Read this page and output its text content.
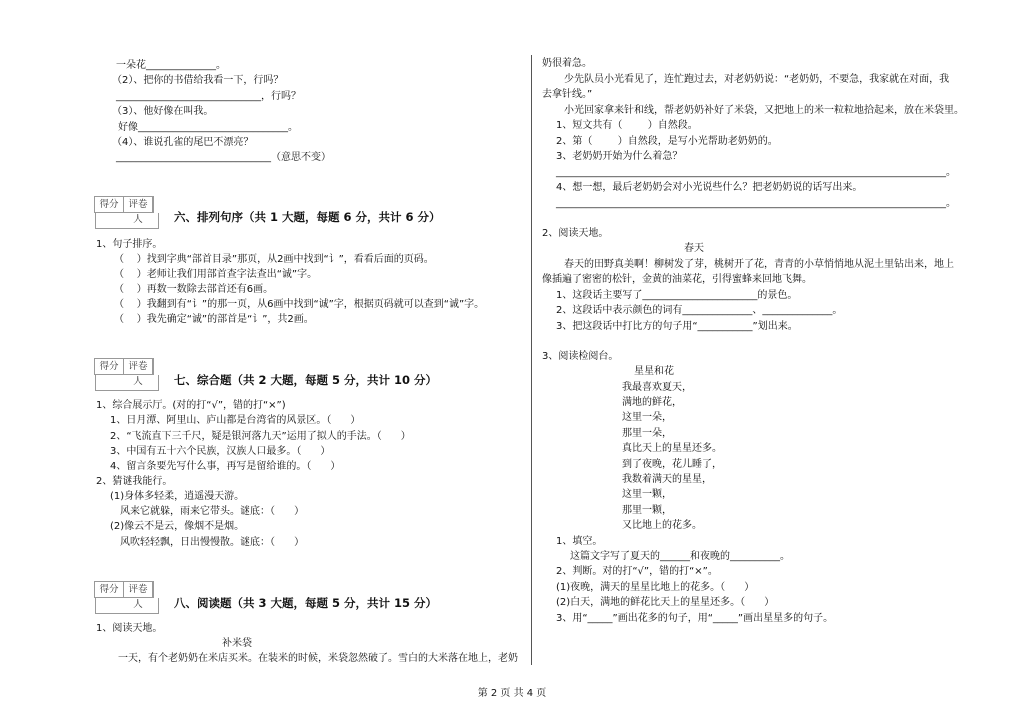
一朵花______________。
（2）、把你的书借给我看一下，行吗？
_____________________________，行吗？
（3）、他好像在叫我。
好像______________________________。
（4）、谁说孔雀的尾巴不漂亮？
_______________________________（意思不变）
得分	评卷人	六、排列句序（共 1 大题，每题 6 分，共计 6 分）
1、句子排序。
（    ）找到字典“部首目录”那页，从2画中找到“讠”，看看后面的页码。
（    ）老师让我们用部首查字法查出“诚”字。
（    ）再数一数除去部首还有6画。
（    ）我翻到有“讠”的那一页，从6画中找到“诚”字，根据页码就可以查到“诚”字。
（    ）我先确定“诚”的部首是“讠”，共2画。
得分	评卷人	七、综合题（共 2 大题，每题 5 分，共计 10 分）
1、综合展示厅。(对的打“√”，错的打“×”)
1、日月潭、阿里山、庐山都是台湾省的风景区。（      ）
2、“飞流直下三千尺，疑是银河落九天”运用了拟人的手法。（      ）
3、中国有五十六个民族，汉族人口最多。（      ）
4、留言条要先写什么事，再写是留给谁的。（      ）
2、猜谜我能行。
(1)身体多轻柔，逍遥漫天游。
风来它就躲，雨来它带头。谜底：（      ）
(2)像云不是云，像烟不是烟。
风吹轻轻飘，日出慢慢散。谜底：（      ）
得分	评卷人	八、阅读题（共 3 大题，每题 5 分，共计 15 分）
1、阅读天地。
补米袋
一天，有个老奶奶在米店买米。在装米的时候，米袋忽然破了。雪白的大米落在地上，老奶
奶很着急。
少先队员小光看见了，连忙跑过去，对老奶奶说：“老奶奶，不要急，我家就在对面，我
去拿针线。”
小光回家拿来针和线，帮老奶奶补好了米袋，又把地上的米一粒粒地拾起来，放在米袋里。
1、短文共有（        ）自然段。
2、第（        ）自然段，是写小光帮助老奶奶的。
3、老奶奶开始为什么着急？
______________________________________________________________________________。
4、想一想，最后老奶奶会对小光说些什么？把老奶奶说的话写出来。
______________________________________________________________________________。
2、阅读天地。
春天
春天的田野真美啊！柳树发了芽，桃树开了花，青青的小草悄悄地从泥土里钻出来，地上
像插遍了密密的松针，金黄的油菜花，引得蜜蜂来回地飞舞。
1、这段话主要写了_______________________的景色。
2、这段话中表示颜色的词有______________、______________。
3、把这段话中打比方的句子用“___________”划出来。
3、阅读检阅台。
星星和花
我最喜欢夏天，
满地的鲜花，
这里一朵，
那里一朵，
真比天上的星星还多。
到了夜晚，花儿睡了，
我数着满天的星星，
这里一颗，
那里一颗，
又比地上的花多。
1、填空。
这篇文字写了夏天的______和夜晚的__________。
2、判断。对的打“√”，错的打“×”。
(1)夜晚，满天的星星比地上的花多。（      ）
(2)白天，满地的鲜花比天上的星星还多。（      ）
3、用“_____”画出花多的句子，用“_____”画出星星多的句子。
第 2 页 共 4 页
